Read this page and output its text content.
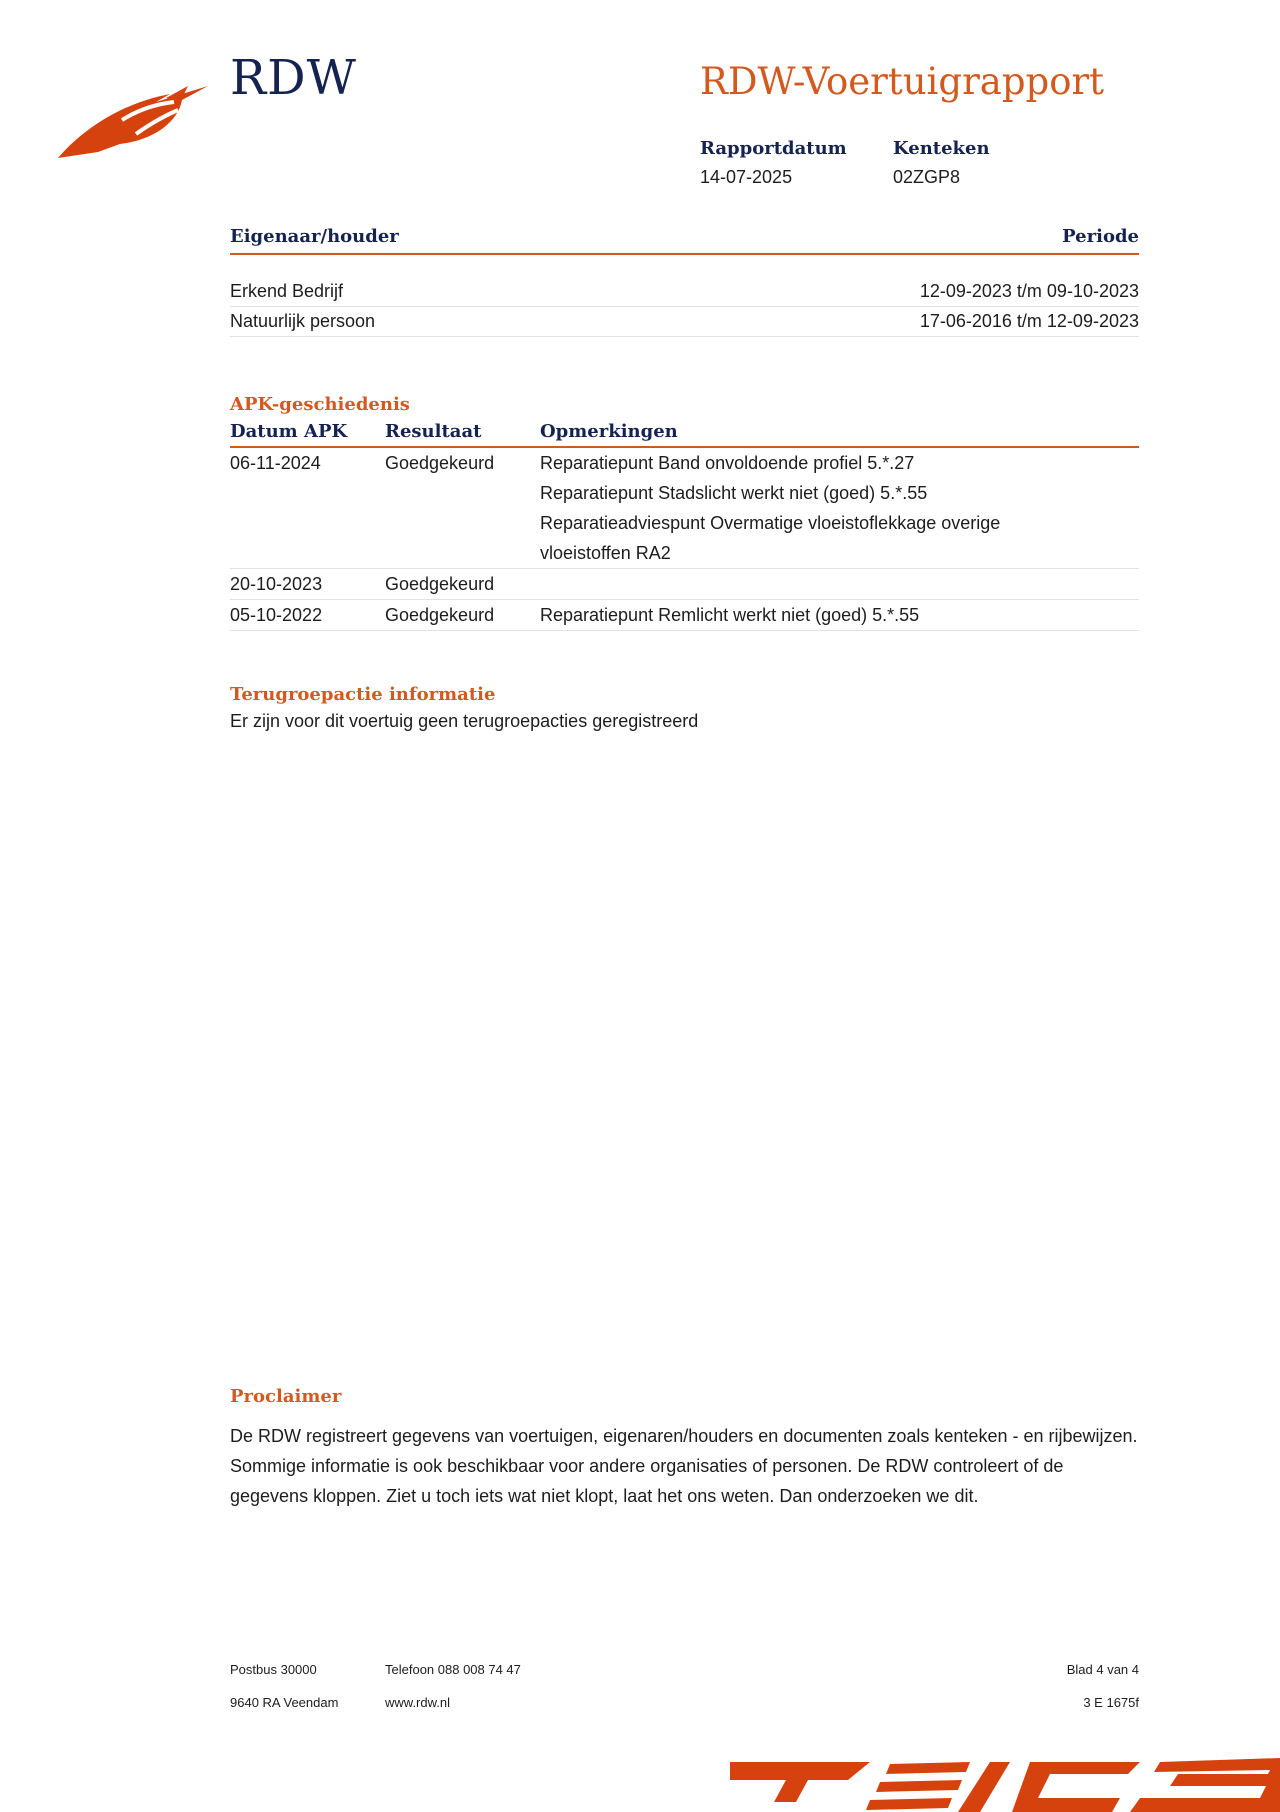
RDW	RDW-Voertuigrapport
Rapportdatum
14-07-2025
Kenteken
02ZGP8
Eigenaar/houder	Periode
Erkend Bedrijf	12-09-2023 t/m 09-10-2023
Natuurlijk persoon	17-06-2016 t/m 12-09-2023
APK-geschiedenis
Datum APK	Resultaat	Opmerkingen
06-11-2024	Goedgekeurd	Reparatiepunt Band onvoldoende profiel 5.*.27
Reparatiepunt Stadslicht werkt niet (goed) 5.*.55
Reparatieadviespunt Overmatige vloeistoflekkage overige
vloeistoffen RA2
20-10-2023	Goedgekeurd
05-10-2022	Goedgekeurd	Reparatiepunt Remlicht werkt niet (goed) 5.*.55
Terugroepactie informatie
Er zijn voor dit voertuig geen terugroepacties geregistreerd
Proclaimer
De RDW registreert gegevens van voertuigen, eigenaren/houders en documenten zoals kenteken - en rijbewijzen. Sommige informatie is ook beschikbaar voor andere organisaties of personen. De RDW controleert of de gegevens kloppen. Ziet u toch iets wat niet klopt, laat het ons weten. Dan onderzoeken we dit.
Postbus 30000
9640 RA Veendam
Telefoon 088 008 74 47
www.rdw.nl
Blad 4 van 4
3 E 1675f
